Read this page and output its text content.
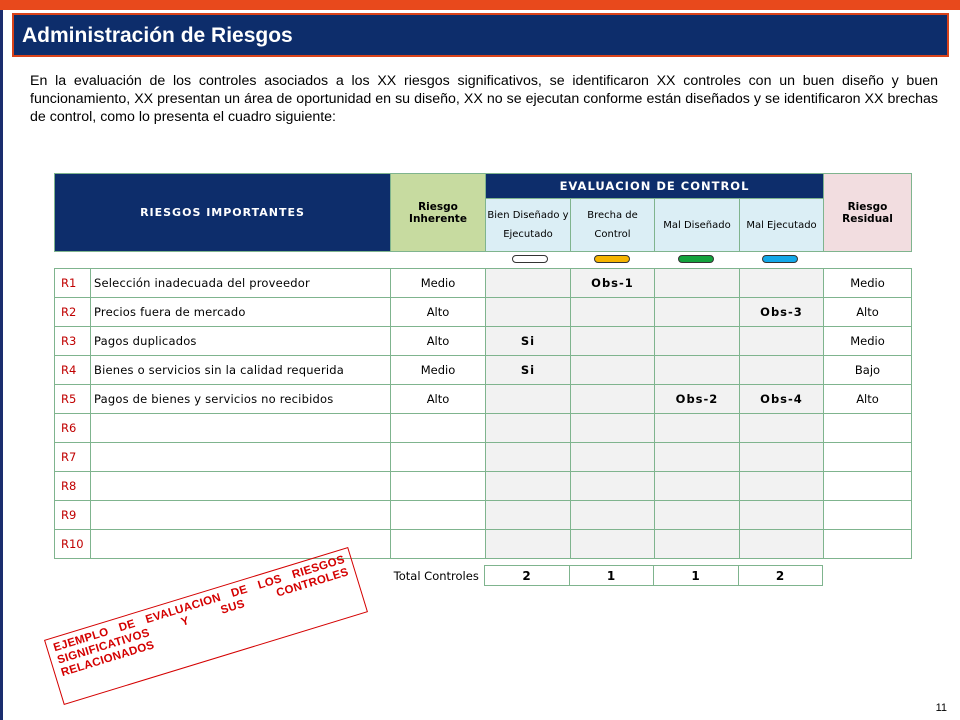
Administración de Riesgos
En la evaluación de los controles asociados a los XX riesgos significativos, se identificaron XX controles con un buen diseño y buen funcionamiento, XX presentan un área de oportunidad en su diseño, XX no se ejecutan conforme están diseñados y se identificaron XX brechas de control, como lo presenta el cuadro siguiente:
RIESGOS IMPORTANTES	Riesgo Inherente	EVALUACION DE CONTROL				Riesgo Residual
		Bien Diseñado y Ejecutado	Brecha de Control	Mal Diseñado	Mal Ejecutado	
R1	Selección inadecuada del proveedor	Medio		Obs-1			Medio
R2	Precios fuera de mercado	Alto				Obs-3	Alto
R3	Pagos duplicados	Alto	Si				Medio
R4	Bienes o servicios sin la calidad requerida	Medio	Si				Bajo
R5	Pagos de bienes y servicios no recibidos	Alto			Obs-2	Obs-4	Alto
R6							
R7							
R8							
R9							
R10							
Total Controles	2	1	1	2
EJEMPLO DE EVALUACION DE LOS RIESGOS SIGNIFICATIVOS Y SUS CONTROLES RELACIONADOS
11
